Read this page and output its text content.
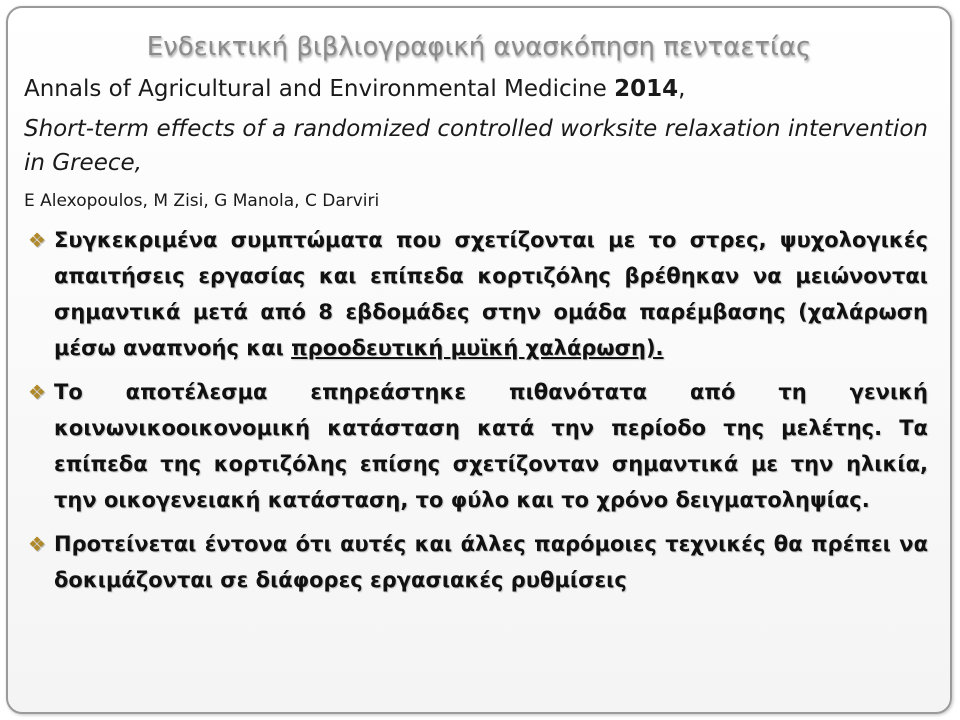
Ενδεικτική βιβλιογραφική ανασκόπηση πενταετίας

Annals of Agricultural and Environmental Medicine 2014,

Short-term effects of a randomized controlled worksite relaxation intervention in Greece,

E Alexopoulos, M Zisi, G Manola, C Darviri

❖ Συγκεκριμένα συμπτώματα που σχετίζονται με το στρες, ψυχολογικές απαιτήσεις εργασίας και επίπεδα κορτιζόλης βρέθηκαν να μειώνονται σημαντικά μετά από 8 εβδομάδες στην ομάδα παρέμβασης (χαλάρωση μέσω αναπνοής και προοδευτική μυϊκή χαλάρωση).
❖ Το αποτέλεσμα επηρεάστηκε πιθανότατα από τη γενική κοινωνικοοικονομική κατάσταση κατά την περίοδο της μελέτης. Τα επίπεδα της κορτιζόλης επίσης σχετίζονταν σημαντικά με την ηλικία, την οικογενειακή κατάσταση, το φύλο και το χρόνο δειγματοληψίας.
❖ Προτείνεται έντονα ότι αυτές και άλλες παρόμοιες τεχνικές θα πρέπει να δοκιμάζονται σε διάφορες εργασιακές ρυθμίσεις
